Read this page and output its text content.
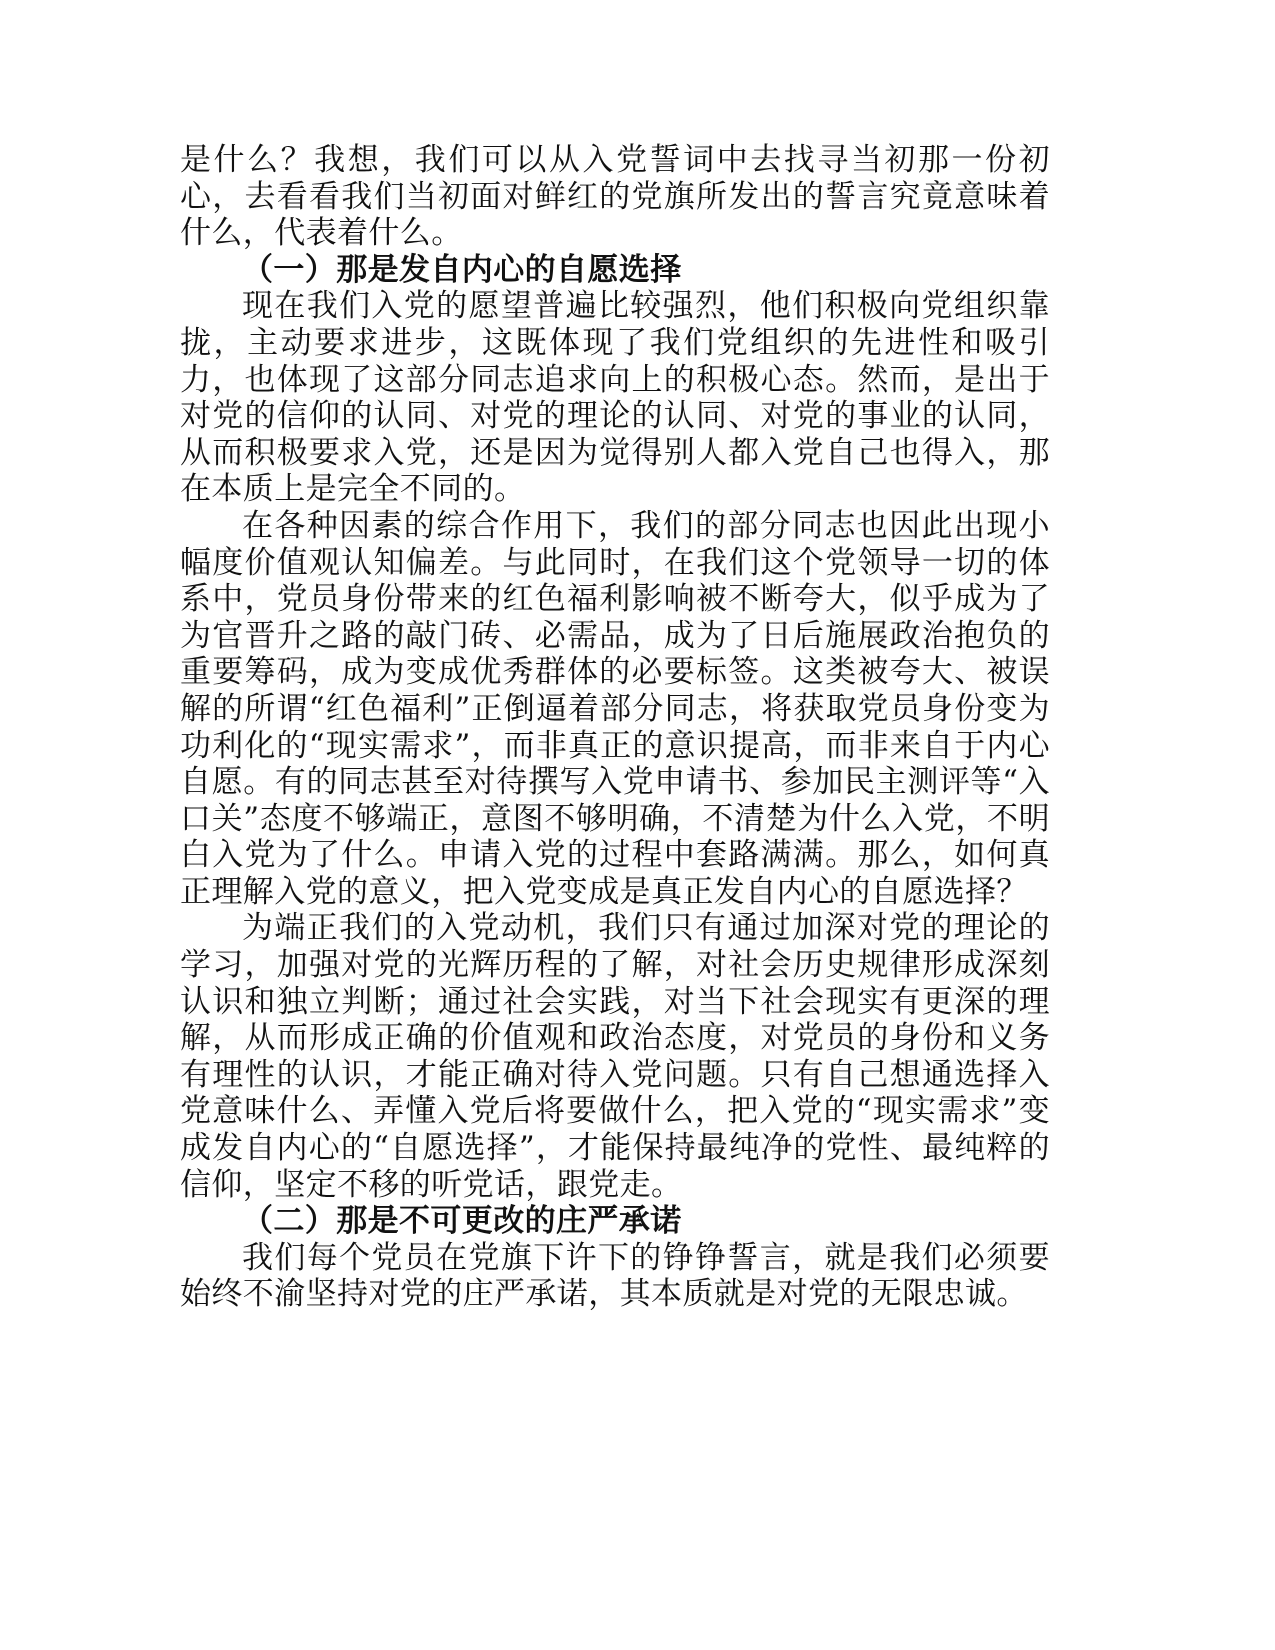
是什么？我想，我们可以从入党誓词中去找寻当初那一份初心，去看看我们当初面对鲜红的党旗所发出的誓言究竟意味着什么，代表着什么。

（一）那是发自内心的自愿选择

现在我们入党的愿望普遍比较强烈，他们积极向党组织靠拢，主动要求进步，这既体现了我们党组织的先进性和吸引力，也体现了这部分同志追求向上的积极心态。然而，是出于对党的信仰的认同、对党的理论的认同、对党的事业的认同，从而积极要求入党，还是因为觉得别人都入党自己也得入，那在本质上是完全不同的。

在各种因素的综合作用下，我们的部分同志也因此出现小幅度价值观认知偏差。与此同时，在我们这个党领导一切的体系中，党员身份带来的红色福利影响被不断夸大，似乎成为了为官晋升之路的敲门砖、必需品，成为了日后施展政治抱负的重要筹码，成为变成优秀群体的必要标签。这类被夸大、被误解的所谓“红色福利”正倒逼着部分同志，将获取党员身份变为功利化的“现实需求”，而非真正的意识提高，而非来自于内心自愿。有的同志甚至对待撰写入党申请书、参加民主测评等“入口关”态度不够端正，意图不够明确，不清楚为什么入党，不明白入党为了什么。申请入党的过程中套路满满。那么，如何真正理解入党的意义，把入党变成是真正发自内心的自愿选择？

为端正我们的入党动机，我们只有通过加深对党的理论的学习，加强对党的光辉历程的了解，对社会历史规律形成深刻认识和独立判断；通过社会实践，对当下社会现实有更深的理解，从而形成正确的价值观和政治态度，对党员的身份和义务有理性的认识，才能正确对待入党问题。只有自己想通选择入党意味什么、弄懂入党后将要做什么，把入党的“现实需求”变成发自内心的“自愿选择”，才能保持最纯净的党性、最纯粹的信仰，坚定不移的听党话，跟党走。

（二）那是不可更改的庄严承诺

我们每个党员在党旗下许下的铮铮誓言，就是我们必须要始终不渝坚持对党的庄严承诺，其本质就是对党的无限忠诚。
